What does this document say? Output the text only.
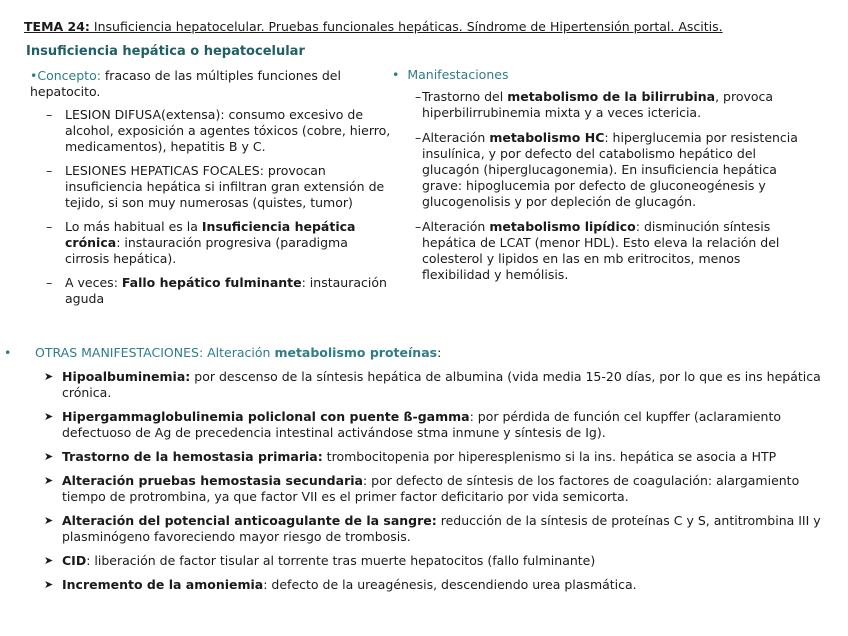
TEMA 24: Insuficiencia hepatocelular. Pruebas funcionales hepáticas. Síndrome de Hipertensión portal. Ascitis.
Insuficiencia hepática o hepatocelular
•Concepto: fracaso de las múltiples funciones del hepatocito.
– LESION DIFUSA(extensa): consumo excesivo de alcohol, exposición a agentes tóxicos (cobre, hierro, medicamentos), hepatitis B y C.
– LESIONES HEPATICAS FOCALES: provocan insuficiencia hepática si infiltran gran extensión de tejido, si son muy numerosas (quistes, tumor)
– Lo más habitual es la Insuficiencia hepática crónica: instauración progresiva (paradigma cirrosis hepática).
– A veces: Fallo hepático fulminante: instauración aguda
•  Manifestaciones
– Trastorno del metabolismo de la bilirrubina, provoca hiperbilirrubinemia mixta y a veces ictericia.
– Alteración metabolismo HC: hiperglucemia por resistencia insulínica, y por defecto del catabolismo hepático del glucagón (hiperglucagonemia). En insuficiencia hepática grave: hipoglucemia por defecto de gluconeogénesis y glucogenolisis y por depleción de glucagón.
– Alteración metabolismo lipídico: disminución síntesis hepática de LCAT (menor HDL). Esto eleva la relación del colesterol y lipidos en las en mb eritrocitos, menos flexibilidad y hemólisis.
• OTRAS MANIFESTACIONES: Alteración metabolismo proteínas:
➤ Hipoalbuminemia: por descenso de la síntesis hepática de albumina (vida media 15-20 días, por lo que es ins hepática crónica.
➤ Hipergammaglobulinemia policlonal con puente ß-gamma: por pérdida de función cel kupffer (aclaramiento defectuoso de Ag de precedencia intestinal activándose stma inmune y síntesis de Ig).
➤ Trastorno de la hemostasia primaria: trombocitopenia por hiperesplenismo si la ins. hepática se asocia a HTP
➤ Alteración pruebas hemostasia secundaria: por defecto de síntesis de los factores de coagulación: alargamiento tiempo de protrombina, ya que factor VII es el primer factor deficitario por vida semicorta.
➤ Alteración del potencial anticoagulante de la sangre: reducción de la síntesis de proteínas C y S, antitrombina III y plasminógeno favoreciendo mayor riesgo de trombosis.
➤ CID: liberación de factor tisular al torrente tras muerte hepatocitos (fallo fulminante)
➤ Incremento de la amoniemia: defecto de la ureagénesis, descendiendo urea plasmática.
